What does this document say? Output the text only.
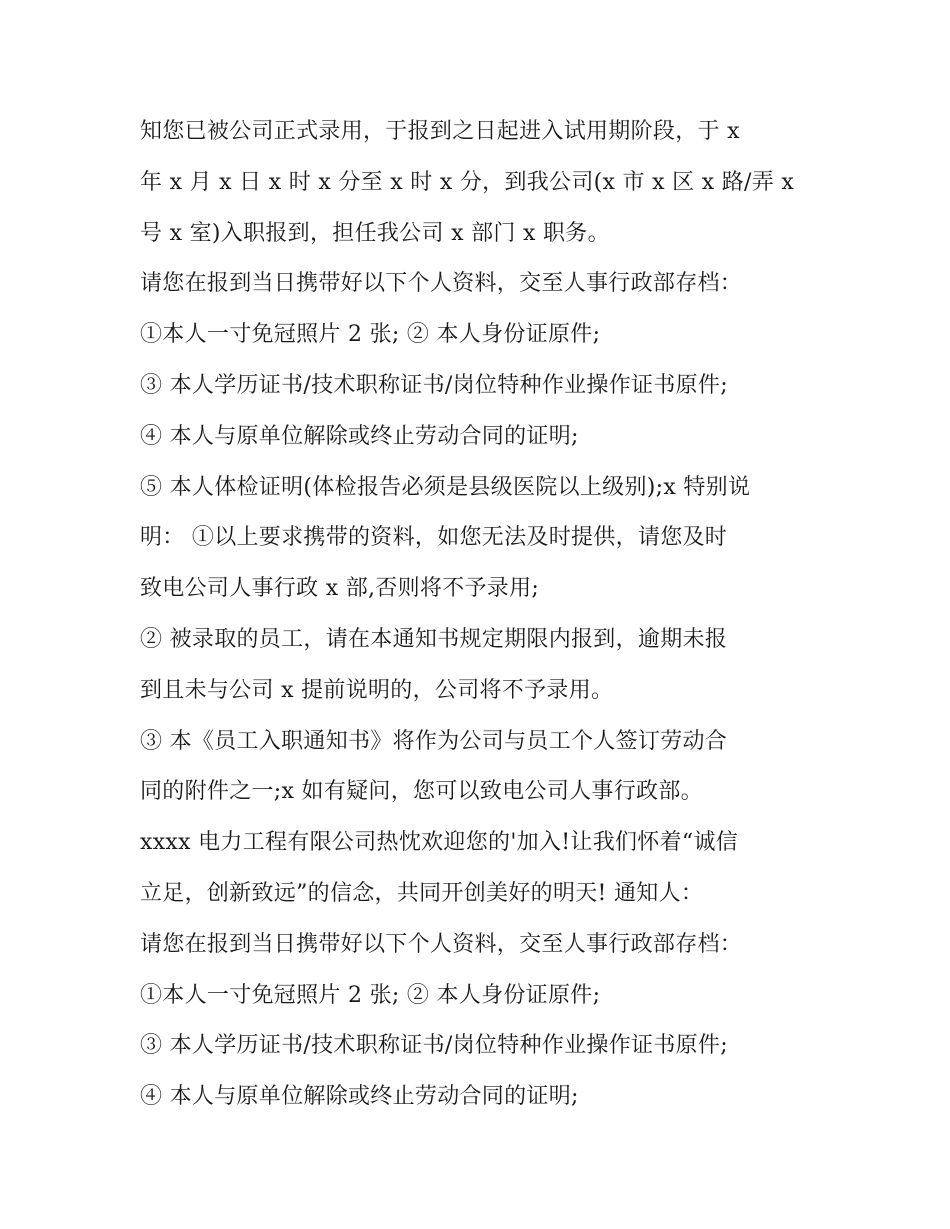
知您已被公司正式录用，于报到之日起进入试用期阶段，于 x

年 x 月 x 日 x 时 x 分至 x 时 x 分，到我公司(x 市 x 区 x 路/弄 x

号 x 室)入职报到，担任我公司 x 部门 x 职务。

请您在报到当日携带好以下个人资料，交至人事行政部存档：

①本人一寸免冠照片 2 张; ② 本人身份证原件;

③ 本人学历证书/技术职称证书/岗位特种作业操作证书原件;

④ 本人与原单位解除或终止劳动合同的证明;

⑤ 本人体检证明(体检报告必须是县级医院以上级别);x 特别说

明： ①以上要求携带的资料，如您无法及时提供，请您及时

致电公司人事行政 x 部,否则将不予录用;

② 被录取的员工，请在本通知书规定期限内报到，逾期未报

到且未与公司 x 提前说明的，公司将不予录用。

③ 本《员工入职通知书》将作为公司与员工个人签订劳动合

同的附件之一;x 如有疑问，您可以致电公司人事行政部。

xxxx 电力工程有限公司热忱欢迎您的'加入!让我们怀着“诚信

立足，创新致远”的信念，共同开创美好的明天! 通知人：

请您在报到当日携带好以下个人资料，交至人事行政部存档：

①本人一寸免冠照片 2 张; ② 本人身份证原件;

③ 本人学历证书/技术职称证书/岗位特种作业操作证书原件;

④ 本人与原单位解除或终止劳动合同的证明;
